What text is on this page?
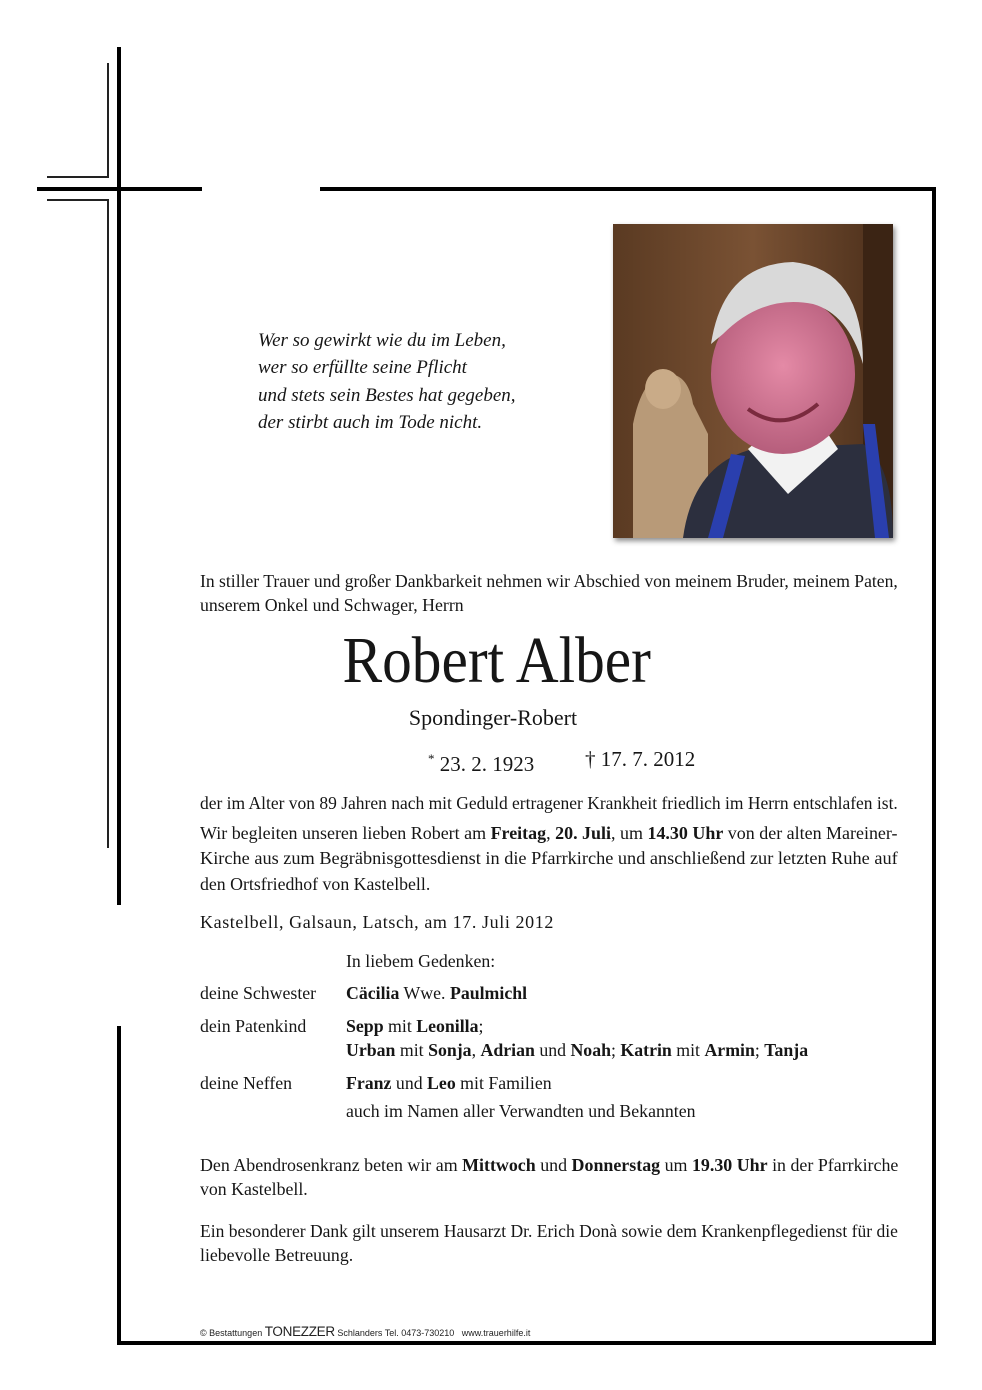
Wer so gewirkt wie du im Leben,
wer so erfüllte seine Pflicht
und stets sein Bestes hat gegeben,
der stirbt auch im Tode nicht.
In stiller Trauer und großer Dankbarkeit nehmen wir Abschied von meinem Bruder, meinem Paten,
unserem Onkel und Schwager, Herrn
Robert Alber
Spondinger-Robert
* 23. 2. 1923 † 17. 7. 2012
der im Alter von 89 Jahren nach mit Geduld ertragener Krankheit friedlich im Herrn entschlafen ist.
Wir begleiten unseren lieben Robert am Freitag, 20. Juli, um 14.30 Uhr von der alten Mareiner-
Kirche aus zum Begräbnisgottesdienst in die Pfarrkirche und anschließend zur letzten Ruhe auf
den Ortsfriedhof von Kastelbell.
Kastelbell, Galsaun, Latsch, am 17. Juli 2012
In liebem Gedenken:
deine Schwester Cäcilia Wwe. Paulmichl
dein Patenkind Sepp mit Leonilla;
Urban mit Sonja, Adrian und Noah; Katrin mit Armin; Tanja
deine Neffen	Franz und Leo mit Familien
auch im Namen aller Verwandten und Bekannten
Den Abendrosenkranz beten wir am Mittwoch und Donnerstag um 19.30 Uhr in der Pfarrkirche
von Kastelbell.
Ein besonderer Dank gilt unserem Hausarzt Dr. Erich Donà sowie dem Krankenpflegedienst für die
liebevolle Betreuung.
© Bestattungen TONEZZER Schlanders Tel. 0473-730210 www.trauerhilfe.it
